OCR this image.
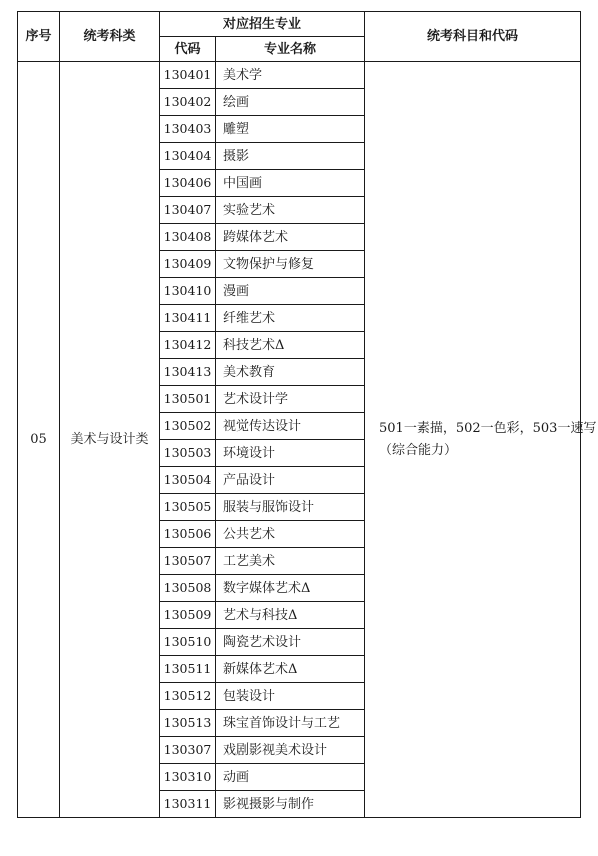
序号	统考科类	对应招生专业		统考科目和代码
		代码	专业名称	
05	美术与设计类	130401	美术学	501一素描，502一色彩，503一速写
（综合能力）

		130402	绘画	
		130403	雕塑	
		130404	摄影	
		130406	中国画	
		130407	实验艺术	
		130408	跨媒体艺术	
		130409	文物保护与修复	
		130410	漫画	
		130411	纤维艺术	
		130412	科技艺术Δ	
		130413	美术教育	
		130501	艺术设计学	
		130502	视觉传达设计	
		130503	环境设计	
		130504	产品设计	
		130505	服装与服饰设计	
		130506	公共艺术	
		130507	工艺美术	
		130508	数字媒体艺术Δ	
		130509	艺术与科技Δ	
		130510	陶瓷艺术设计	
		130511	新媒体艺术Δ	
		130512	包装设计	
		130513	珠宝首饰设计与工艺	
		130307	戏剧影视美术设计	
		130310	动画	
		130311	影视摄影与制作	
